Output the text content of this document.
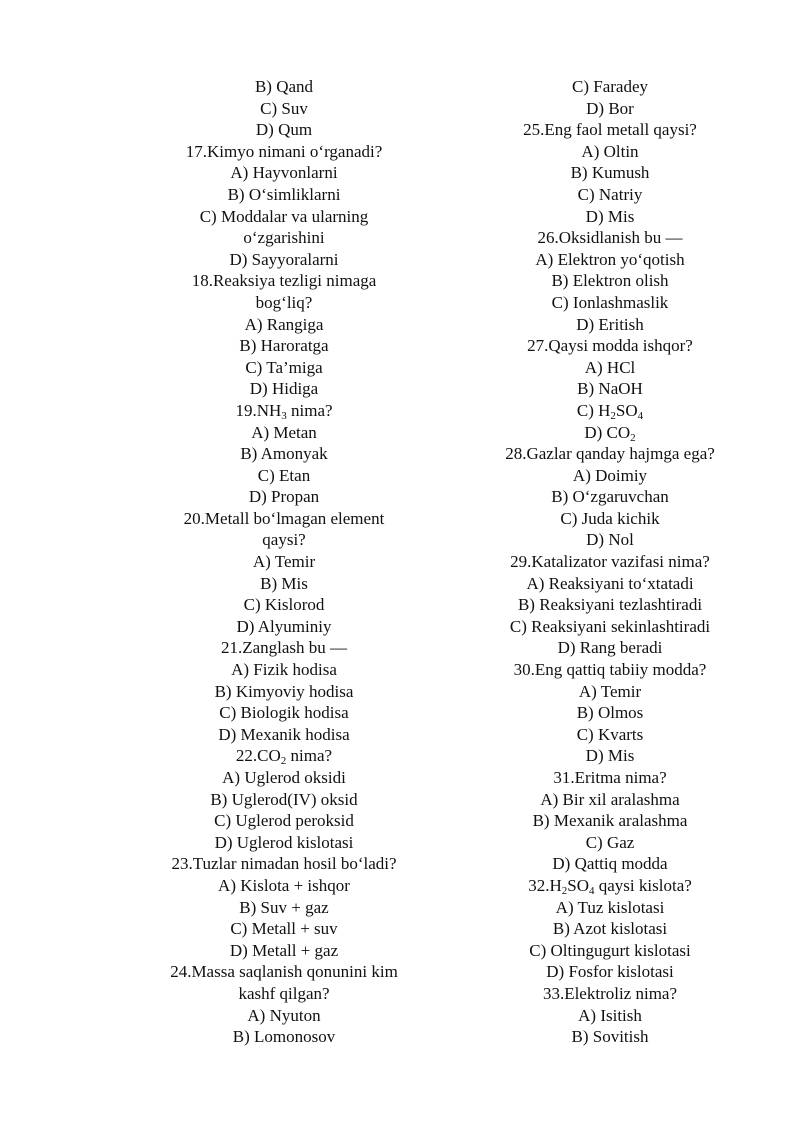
B) Qand
C) Suv
D) Qum
17.Kimyo nimani o‘rganadi?
A) Hayvonlarni
B) O‘simliklarni
C) Moddalar va ularning
o‘zgarishini
D) Sayyoralarni
18.Reaksiya tezligi nimaga
bog‘liq?
A) Rangiga
B) Haroratga
C) Ta’miga
D) Hidiga
$19.NH_3$ nima?
A) Metan
B) Amonyak
C) Etan
D) Propan
20.Metall bo‘lmagan element
qaysi?
A) Temir
B) Mis
C) Kislorod
D) Alyuminiy
21.Zanglash bu —
A) Fizik hodisa
B) Kimyoviy hodisa
C) Biologik hodisa
D) Mexanik hodisa
$22.CO_2$ nima?
A) Uglerod oksidi
B) Uglerod(IV) oksid
C) Uglerod peroksid
D) Uglerod kislotasi
23.Tuzlar nimadan hosil bo‘ladi?
A) Kislota + ishqor
B) Suv + gaz
C) Metall + suv
D) Metall + gaz
24.Massa saqlanish qonunini kim
kashf qilgan?
A) Nyuton
B) Lomonosov
C) Faradey
D) Bor
25.Eng faol metall qaysi?
A) Oltin
B) Kumush
C) Natriy
D) Mis
26.Oksidlanish bu —
A) Elektron yo‘qotish
B) Elektron olish
C) Ionlashmaslik
D) Eritish
27.Qaysi modda ishqor?
A) HCl
B) NaOH
C) $H_2SO_4$
D) $CO_2$
28.Gazlar qanday hajmga ega?
A) Doimiy
B) O‘zgaruvchan
C) Juda kichik
D) Nol
29.Katalizator vazifasi nima?
A) Reaksiyani to‘xtatadi
B) Reaksiyani tezlashtiradi
C) Reaksiyani sekinlashtiradi
D) Rang beradi
30.Eng qattiq tabiiy modda?
A) Temir
B) Olmos
C) Kvarts
D) Mis
31.Eritma nima?
A) Bir xil aralashma
B) Mexanik aralashma
C) Gaz
D) Qattiq modda
$32.H_2SO_4$ qaysi kislota?
A) Tuz kislotasi
B) Azot kislotasi
C) Oltingugurt kislotasi
D) Fosfor kislotasi
33.Elektroliz nima?
A) Isitish
B) Sovitish
